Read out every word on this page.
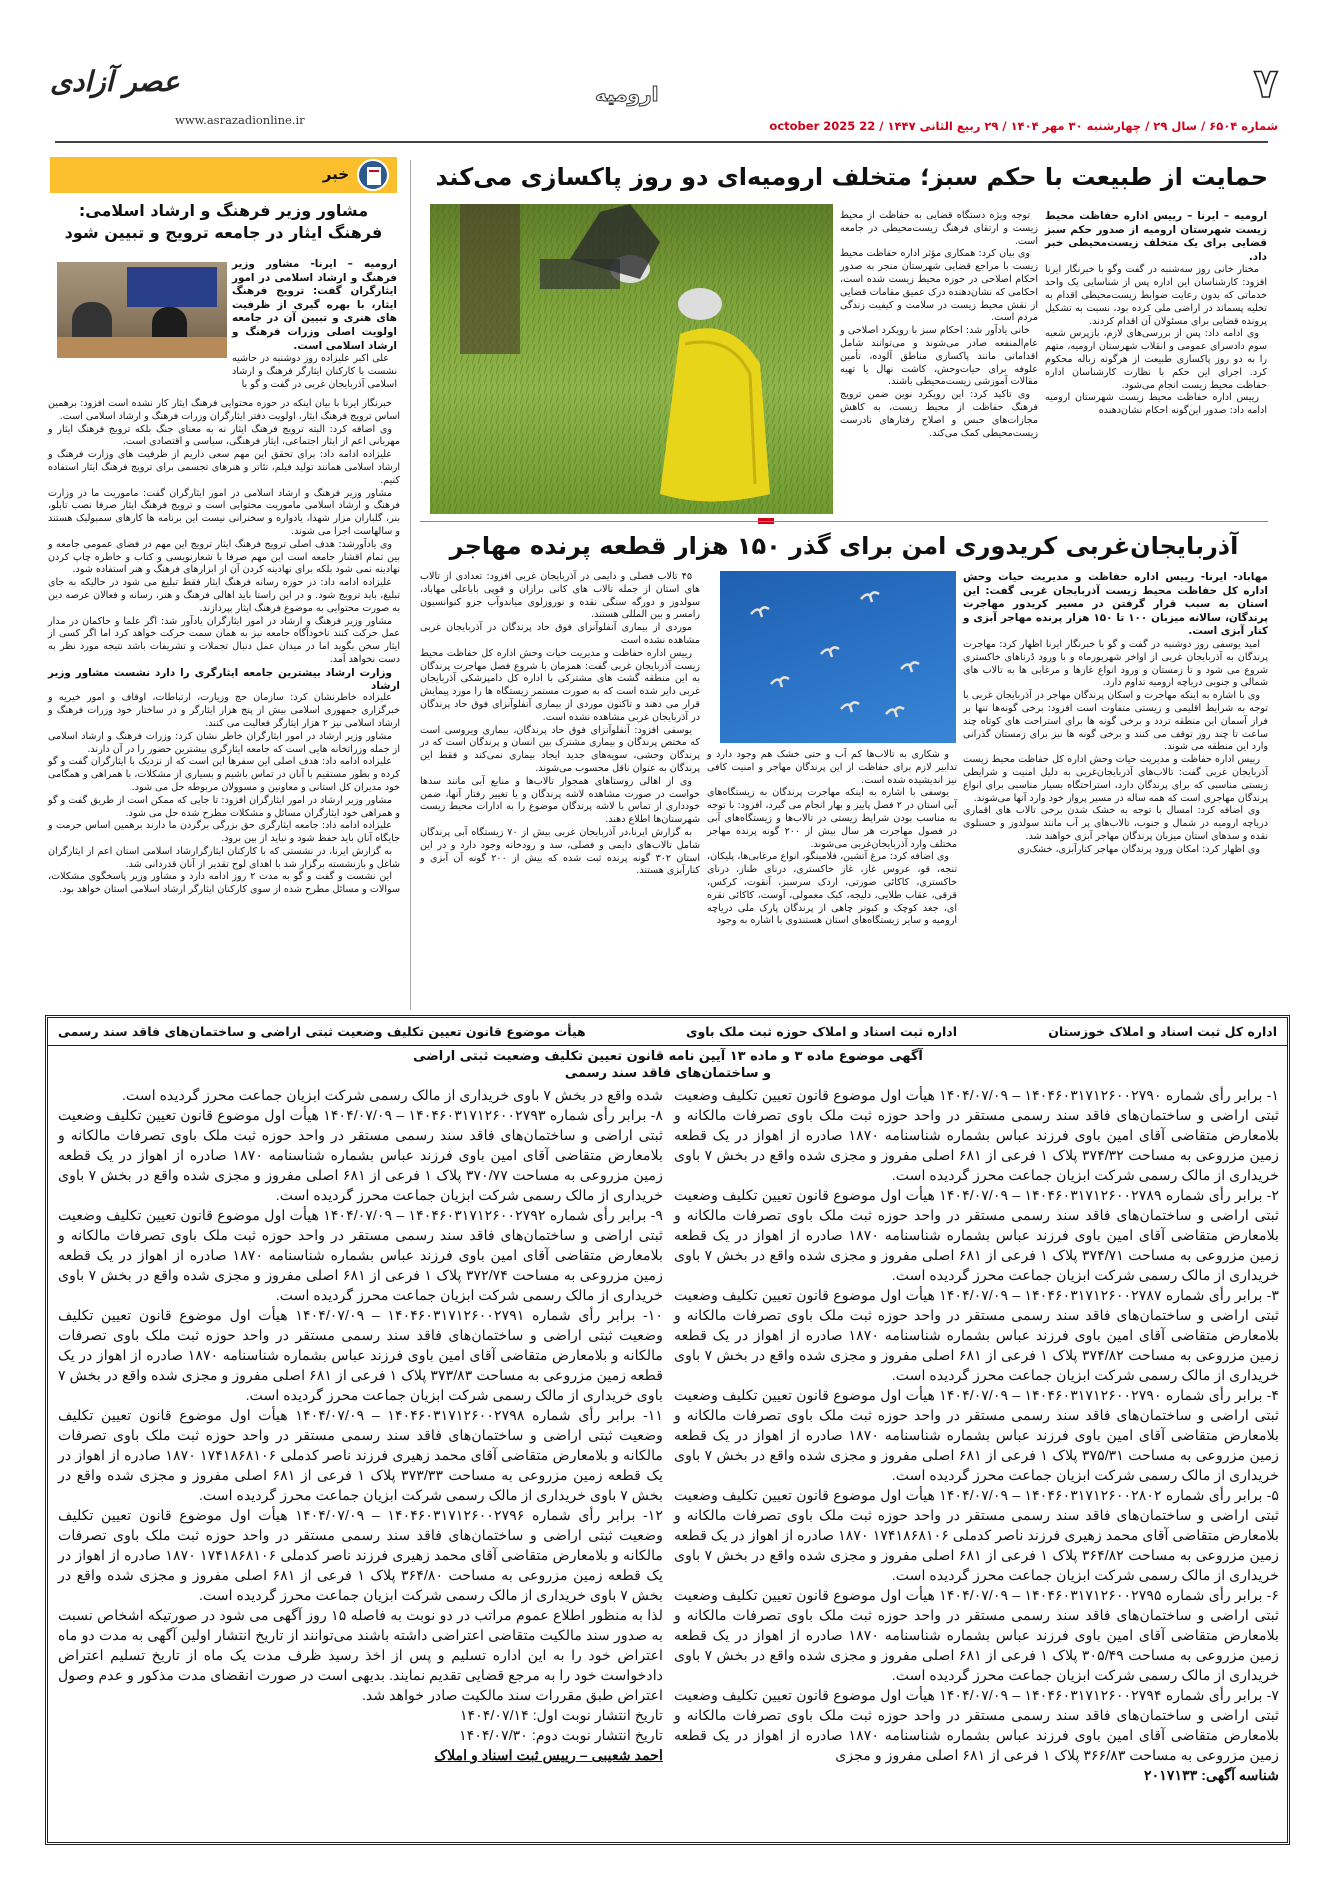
۷
شماره ۶۵۰۴ / سال ۲۹ / چهارشنبه ۳۰ مهر ۱۴۰۴ / ۲۹ ربیع الثانی ۱۴۴۷ / 22 october 2025
ارومیه
عصر آزادی
www.asrazadionline.ir
حمایت از طبیعت با حکم سبز؛ متخلف ارومیه‌ای دو روز پاکسازی می‌کند
ارومیه – ایرنا – رییس اداره حفاظت محیط زیست شهرستان ارومیه از صدور حکم سبز قضایی برای یک متخلف زیست‌محیطی خبر داد.

مختار خانی روز سه‌شنبه در گفت وگو با خبرنگار ایرنا افزود: کارشناسان این اداره پس از شناسایی یک واحد خدماتی که بدون رعایت ضوابط زیست‌محیطی اقدام به تخلیه پسماند در اراضی ملی کرده بود، نسبت به تشکیل پرونده قضایی برای مسئولان آن اقدام کردند.

وی ادامه داد: پس از بررسی‌های لازم، بازپرس شعبه سوم دادسرای عمومی و انقلاب شهرستان ارومیه، متهم را به دو روز پاکسازی طبیعت از هرگونه زباله محکوم کرد. اجرای این حکم با نظارت کارشناسان اداره حفاظت محیط زیست انجام می‌شود.

رییس اداره حفاظت محیط زیست شهرستان ارومیه ادامه داد: صدور این‌گونه احکام نشان‌دهنده

توجه ویژه دستگاه قضایی به حفاظت از محیط زیست و ارتقای فرهنگ زیست‌محیطی در جامعه است.

وی بیان کرد: همکاری مؤثر اداره حفاظت محیط زیست با مراجع قضایی شهرستان منجر به صدور احکام اصلاحی در حوزه محیط زیست شده است، احکامی که نشان‌دهنده درک عمیق مقامات قضایی از نقش محیط زیست در سلامت و کیفیت زندگی مردم است.

خانی یادآور شد: احکام سبز با رویکرد اصلاحی و عام‌المنفعه صادر می‌شوند و می‌توانند شامل اقداماتی مانند پاکسازی مناطق آلوده، تأمین علوفه برای حیات‌وحش، کاشت نهال یا تهیه مقالات آموزشی زیست‌محیطی باشند.

وی تاکید کرد: این رویکرد نوین ضمن ترویج فرهنگ حفاظت از محیط زیست، به کاهش مجازات‌های حبس و اصلاح رفتارهای نادرست زیست‌محیطی کمک می‌کند.

آذربایجان‌غربی کریدوری امن برای گذر ۱۵۰ هزار قطعه پرنده مهاجر
مهاباد- ایرنا- رییس اداره حفاظت و مدیریت حیات وحش اداره کل حفاظت محیط زیست آذربایجان غربی گفت: این استان به سبب قرار گرفتن در مسیر کریدور مهاجرت پرندگان، سالانه میزبان ۱۰۰ تا ۱۵۰ هزار پرنده مهاجر آبزی و کنار آبزی است.

امید یوسفی روز دوشنبه در گفت و گو با خبرنگار ایرنا اظهار کرد: مهاجرت پرندگان به آذربایجان غربی از اواخر شهریورماه و با ورود دُرناهای خاکستری شروع می شود و تا زمستان و ورود انواع غازها و مرغابی ها به تالاب های شمالی و جنوبی دریاچه ارومیه تداوم دارد.

وی با اشاره به اینکه مهاجرت و اسکان پرندگان مهاجر در آذربایجان غربی با توجه به شرایط اقلیمی و زیستی متفاوت است افزود: برخی گونه‌ها تنها بر فراز آسمان این منطقه تردد و برخی گونه ها برای استراحت های کوتاه چند ساعت تا چند روز توقف می کنند و برخی گونه ها نیز برای زمستان گذرانی وارد این منطقه می شوند.

رییس اداره حفاظت و مدیریت حیات وحش اداره کل حفاظت محیط زیست آذربایجان غربی گفت: تالاب‌های آذربایجان‌غربی به دلیل امنیت و شرایطی زیستی مناسبی که برای پرندگان دارد، استراحتگاه بسیار مناسبی برای انواع پرندگان مهاجری است که همه ساله در مسیر پرواز خود وارد آنها می‌شوند.

وی اضافه کرد: امسال با توجه به خشک شدن برخی تالاب های اقماری دریاچه ارومیه در شمال و جنوب، تالاب‌های پر آب مانند سولدوز و حسنلوی نقده و سدهای استان میزبان پرندگان مهاجر آبزی خواهند شد.

وی اظهار کرد: امکان ورود پرندگان مهاجر کنارآبزی، خشک‌زی

و شکاری به تالاب‌ها کم آب و حتی خشک هم وجود دارد و تدابیر لازم برای حفاظت از این پرندگان مهاجر و امنیت کافی نیز اندیشیده شده است.

یوسفی با اشاره به اینکه مهاجرت پرندگان به زیستگاه‌های آبی استان در ۲ فصل پاییز و بهار انجام می گیرد، افزود: با توجه به مناسب بودن شرایط زیستی در تالاب‌ها و زیستگاه‌های آبی در فصول مهاجرت هر سال بیش از ۲۰۰ گونه پرنده مهاجر مختلف وارد آذربایجان‌غربی می‌شوند.

وی اضافه کرد: مرغ آتشین، فلامینگو، انواع مرغابی‌ها، پلیکان، تنجه، قو، عروس غاز، غاز خاکستری، درنای طناز، درنای خاکستری، کاکائی صورتی، اردک سرسبز، آنقوت، کرکس، قرقی، عقاب طلایی، دلیجه، کبک معمولی، آوست، کاکائی نقره ای، جغد کوچک و کبوتر چاهی از پرندگان پارک ملی دریاچه ارومیه و سایر زیستگاه‌های استان هستندوی با اشاره به وجود

۴۵ تالاب فصلی و دایمی در آذربایجان غربی افزود: تعدادی از تالاب های استان از جمله تالاب های کانی برازان و قوپی باباعلی مهاباد، سولدوز و دورگه سنگی نقده و نوروزلوی میاندوآب جزو کنوانسیون رامسر و بین المللی هستند.

موردی از بیماری آنفلوآنزای فوق حاد پرندگان در آذربایجان غربی مشاهده نشده است

رییس اداره حفاظت و مدیریت حیات وحش اداره کل حفاظت محیط زیست آذربایجان غربی گفت: همزمان با شروع فصل مهاجرت پرندگان به این منطقه گشت های مشترکی با اداره کل دامپزشکی آذربایجان غربی دایر شده است که به صورت مستمر زیستگاه ها را مورد پیمایش قرار می دهند و تاکنون موردی از بیماری آنفلوآنزای فوق حاد پرندگان در آذربایجان غربی مشاهده نشده است.

یوسفی افزود: آنفلوآنزای فوق حاد پرندگان، بیماری ویروسی است که مختص پرندگان و بیماری مشترک بین انسان و پرندگان است که در پرندگان وحشی، سویه‌های جدید ایجاد بیماری نمی‌کند و فقط این پرندگان به عنوان ناقل محسوب می‌شوند.

وی از اهالی روستاهای همجوار تالاب‌ها و منابع آبی مانند سدها خواست در صورت مشاهده لاشه پرندگان و یا تغییر رفتار آنها، ضمن خودداری از تماس با لاشه پرندگان موضوع را به ادارات محیط زیست شهرستان‌ها اطلاع دهند.

به گزارش ایرنا،در آذربایجان غربی بیش از ۷۰ زیستگاه آبی پرندگان شامل تالاب‌های دایمی و فصلی، سد و رودخانه وجود دارد و در این استان ۳۰۲ گونه پرنده ثبت شده که بیش از ۲۰۰ گونه آن آبزی و کنارآبزی هستند.

خبر
مشاور وزیر فرهنگ و ارشاد اسلامی: فرهنگ ایثار در جامعه ترویج و تبیین شود
ارومیه – ایرنا- مشاور وزیر فرهنگ و ارشاد اسلامی در امور ایثارگران گفت: ترویج فرهنگ ایثار، با بهره گیری از ظرفیت های هنری و تبیین آن در جامعه اولویت اصلی وزرات فرهنگ و ارشاد اسلامی است.

علی اکبر علیزاده روز دوشنبه در حاشیه نشست با کارکنان ایثارگر فرهنگ و ارشاد اسلامی آذربایجان غربی در گفت و گو با

خبرنگار ایرنا با بیان اینکه در حوزه محتوایی فرهنگ ایثار کار نشده است افزود: برهمین اساس ترویج فرهنگ ایثار، اولویت دفتر ایثارگران وزرات فرهنگ و ارشاد اسلامی است.

وی اضافه کرد: البته ترویج فرهنگ ایثار نه به معنای جنگ بلکه ترویج فرهنگ ایثار و مهربانی اعم از ایثار اجتماعی، ایثار فرهنگی، سیاسی و اقتصادی است.

علیزاده ادامه داد: برای تحقق این مهم سعی داریم از ظرفیت های وزارت فرهنگ و ارشاد اسلامی همانند تولید فیلم، تئاتر و هنرهای تجسمی برای ترویج فرهنگ ایثار استفاده کنیم.

مشاور وزیر فرهنگ و ارشاد اسلامی در امور ایثارگران گفت: ماموریت ما در وزارت فرهنگ و ارشاد اسلامی ماموریت محتوایی است و ترویج فرهنگ ایثار صرفا نصب تابلو، بنر، گلباران مزار شهدا، یادواره و سخنرانی نیست این برنامه ها کارهای سمبولیک هستند و سالهاست اجرا می شوند.

وی یادآورشد: هدف اصلی ترویج فرهنگ ایثار ترویج این مهم در فضای عمومی جامعه و بین تمام اقشار جامعه است این مهم صرفا با شعارنویسی و کتاب و خاطره چاپ کردن نهادینه نمی شود بلکه برای نهادینه کردن آن از ابزارهای فرهنگ و هنر استفاده شود.

علیزاده ادامه داد: در حوزه رسانه فرهنگ ایثار فقط تبلیغ می شود در حالیکه به جای تبلیغ، باید ترویج شود. و در این راستا باید اهالی فرهنگ و هنر، رسانه و فعالان عرصه دین به صورت محتوایی به موضوع فرهنگ ایثار بپردازند.

مشاور وزیر فرهنگ و ارشاد در امور ایثارگران یادآور شد: اگر علما و حاکمان در مدار عمل حرکت کنند ناخودآگاه جامعه نیز به همان سمت حرکت خواهد کرد اما اگر کسی از ایثار سخن بگوید اما در میدان عمل دنبال تجملات و تشریفات باشد نتیجه مورد نظر به دست نخواهد آمد.

وزارت ارشاد بیشترین جامعه ایثارگری را دارد نشست مشاور وزیر ارشاد

علیزاده خاطرنشان کرد: سازمان حج وزیارت، ارتباطات، اوقاف و امور خیریه و خبرگزاری جمهوری اسلامی بیش از پنج هزار ایثارگر و در ساختار خود وزرات فرهنگ و ارشاد اسلامی نیز ۲ هزار ایثارگر فعالیت می کنند.

مشاور وزیر ارشاد در امور ایثارگران خاطر نشان کرد: وزرات فرهنگ و ارشاد اسلامی از جمله وزراتخانه هایی است که جامعه ایثارگری بیشترین حضور را در آن دارند.

علیزاده ادامه داد: هدف اصلی این سفرها این است که از نزدیک با ایثارگران گفت و گو کرده و بطور مستقیم با آنان در تماس باشیم و بسیاری از مشکلات، با همراهی و همگامی خود مدیران کل استانی و معاونین و مسوولان مربوطه حل می شود.

مشاور وزیر ارشاد در امور ایثارگران افزود: تا جایی که ممکن است از طریق گفت و گو و همراهی خود ایثارگران مسائل و مشکلات مطرح شده حل می شود.

علیزاده ادامه داد: جامعه ایثارگری حق بزرگی برگردن ما دارند برهمین اساس حرمت و جایگاه آنان باید حفظ شود و نباید از بین برود.

به گزارش ایرنا، در نشستی که با کارکنان ایثارگرارشاد اسلامی استان اعم از ایثارگران شاغل و بازنشسته برگزار شد با اهدای لوح تقدیر از آنان قدردانی شد.

این نشست و گفت و گو به مدت ۲ روز ادامه دارد و مشاور وزیر پاسخگوی مشکلات، سوالات و مسائل مطرح شده از سوی کارکنان ایثارگر ارشاد اسلامی استان خواهد بود.

اداره کل ثبت اسناد و املاک خوزستان
اداره ثبت اسناد و املاک حوزه ثبت ملک باوی
هیأت موضوع قانون تعیین تکلیف وضعیت ثبتی اراضی و ساختمان‌های فاقد سند رسمی
آگهی موضوع ماده ۳ و ماده ۱۳ آیین نامه قانون تعیین تکلیف وضعیت ثبتی اراضی و ساختمان‌های فاقد سند رسمی

۱- برابر رأی شماره ۱۴۰۴۶۰۳۱۷۱۲۶۰۰۲۷۹۰ – ۱۴۰۴/۰۷/۰۹ هیأت اول موضوع قانون تعیین تکلیف وضعیت ثبتی اراضی و ساختمان‌های فاقد سند رسمی مستقر در واحد حوزه ثبت ملک باوی تصرفات مالکانه و بلامعارض متقاضی آقای امین باوی فرزند عباس بشماره شناسنامه ۱۸۷۰ صادره از اهواز در یک قطعه زمین مزروعی به مساحت ۳۷۴/۳۲ پلاک ۱ فرعی از ۶۸۱ اصلی مفروز و مجزی شده واقع در بخش ۷ باوی خریداری از مالک رسمی شرکت ابزیان جماعت محرز گردیده است.

۲- برابر رأی شماره ۱۴۰۴۶۰۳۱۷۱۲۶۰۰۲۷۸۹ – ۱۴۰۴/۰۷/۰۹ هیأت اول موضوع قانون تعیین تکلیف وضعیت ثبتی اراضی و ساختمان‌های فاقد سند رسمی مستقر در واحد حوزه ثبت ملک باوی تصرفات مالکانه و بلامعارض متقاضی آقای امین باوی فرزند عباس بشماره شناسنامه ۱۸۷۰ صادره از اهواز در یک قطعه زمین مزروعی به مساحت ۳۷۴/۷۱ پلاک ۱ فرعی از ۶۸۱ اصلی مفروز و مجزی شده واقع در بخش ۷ باوی خریداری از مالک رسمی شرکت ابزیان جماعت محرز گردیده است.

۳- برابر رأی شماره ۱۴۰۴۶۰۳۱۷۱۲۶۰۰۲۷۸۷ – ۱۴۰۴/۰۷/۰۹ هیأت اول موضوع قانون تعیین تکلیف وضعیت ثبتی اراضی و ساختمان‌های فاقد سند رسمی مستقر در واحد حوزه ثبت ملک باوی تصرفات مالکانه و بلامعارض متقاضی آقای امین باوی فرزند عباس بشماره شناسنامه ۱۸۷۰ صادره از اهواز در یک قطعه زمین مزروعی به مساحت ۳۷۴/۸۲ پلاک ۱ فرعی از ۶۸۱ اصلی مفروز و مجزی شده واقع در بخش ۷ باوی خریداری از مالک رسمی شرکت ابزیان جماعت محرز گردیده است.

۴- برابر رأی شماره ۱۴۰۴۶۰۳۱۷۱۲۶۰۰۲۷۹۰ – ۱۴۰۴/۰۷/۰۹ هیأت اول موضوع قانون تعیین تکلیف وضعیت ثبتی اراضی و ساختمان‌های فاقد سند رسمی مستقر در واحد حوزه ثبت ملک باوی تصرفات مالکانه و بلامعارض متقاضی آقای امین باوی فرزند عباس بشماره شناسنامه ۱۸۷۰ صادره از اهواز در یک قطعه زمین مزروعی به مساحت ۳۷۵/۳۱ پلاک ۱ فرعی از ۶۸۱ اصلی مفروز و مجزی شده واقع در بخش ۷ باوی خریداری از مالک رسمی شرکت ابزیان جماعت محرز گردیده است.

۵- برابر رأی شماره ۱۴۰۴۶۰۳۱۷۱۲۶۰۰۲۸۰۲ – ۱۴۰۴/۰۷/۰۹ هیأت اول موضوع قانون تعیین تکلیف وضعیت ثبتی اراضی و ساختمان‌های فاقد سند رسمی مستقر در واحد حوزه ثبت ملک باوی تصرفات مالکانه و بلامعارض متقاضی آقای محمد زهیری فرزند ناصر کدملی ۱۷۴۱۸۶۸۱۰۶ ۱۸۷۰ صادره از اهواز در یک قطعه زمین مزروعی به مساحت ۳۶۴/۸۲ پلاک ۱ فرعی از ۶۸۱ اصلی مفروز و مجزی شده واقع در بخش ۷ باوی خریداری از مالک رسمی شرکت ابزیان جماعت محرز گردیده است.

۶- برابر رأی شماره ۱۴۰۴۶۰۳۱۷۱۲۶۰۰۲۷۹۵ – ۱۴۰۴/۰۷/۰۹ هیأت اول موضوع قانون تعیین تکلیف وضعیت ثبتی اراضی و ساختمان‌های فاقد سند رسمی مستقر در واحد حوزه ثبت ملک باوی تصرفات مالکانه و بلامعارض متقاضی آقای امین باوی فرزند عباس بشماره شناسنامه ۱۸۷۰ صادره از اهواز در یک قطعه زمین مزروعی به مساحت ۳۰۵/۴۹ پلاک ۱ فرعی از ۶۸۱ اصلی مفروز و مجزی شده واقع در بخش ۷ باوی خریداری از مالک رسمی شرکت ابزیان جماعت محرز گردیده است.

۷- برابر رأی شماره ۱۴۰۴۶۰۳۱۷۱۲۶۰۰۲۷۹۴ – ۱۴۰۴/۰۷/۰۹ هیأت اول موضوع قانون تعیین تکلیف وضعیت ثبتی اراضی و ساختمان‌های فاقد سند رسمی مستقر در واحد حوزه ثبت ملک باوی تصرفات مالکانه و بلامعارض متقاضی آقای امین باوی فرزند عباس بشماره شناسنامه ۱۸۷۰ صادره از اهواز در یک قطعه زمین مزروعی به مساحت ۳۶۶/۸۳ پلاک ۱ فرعی از ۶۸۱ اصلی مفروز و مجزی

شناسه آگهی: ۲۰۱۷۱۳۳

شده واقع در بخش ۷ باوی خریداری از مالک رسمی شرکت ابزیان جماعت محرز گردیده است.

۸- برابر رأی شماره ۱۴۰۴۶۰۳۱۷۱۲۶۰۰۲۷۹۳ – ۱۴۰۴/۰۷/۰۹ هیأت اول موضوع قانون تعیین تکلیف وضعیت ثبتی اراضی و ساختمان‌های فاقد سند رسمی مستقر در واحد حوزه ثبت ملک باوی تصرفات مالکانه و بلامعارض متقاضی آقای امین باوی فرزند عباس بشماره شناسنامه ۱۸۷۰ صادره از اهواز در یک قطعه زمین مزروعی به مساحت ۳۷۰/۷۷ پلاک ۱ فرعی از ۶۸۱ اصلی مفروز و مجزی شده واقع در بخش ۷ باوی خریداری از مالک رسمی شرکت ابزیان جماعت محرز گردیده است.

۹- برابر رأی شماره ۱۴۰۴۶۰۳۱۷۱۲۶۰۰۲۷۹۲ – ۱۴۰۴/۰۷/۰۹ هیأت اول موضوع قانون تعیین تکلیف وضعیت ثبتی اراضی و ساختمان‌های فاقد سند رسمی مستقر در واحد حوزه ثبت ملک باوی تصرفات مالکانه و بلامعارض متقاضی آقای امین باوی فرزند عباس بشماره شناسنامه ۱۸۷۰ صادره از اهواز در یک قطعه زمین مزروعی به مساحت ۳۷۲/۷۴ پلاک ۱ فرعی از ۶۸۱ اصلی مفروز و مجزی شده واقع در بخش ۷ باوی خریداری از مالک رسمی شرکت ابزیان جماعت محرز گردیده است.

۱۰- برابر رأی شماره ۱۴۰۴۶۰۳۱۷۱۲۶۰۰۲۷۹۱ – ۱۴۰۴/۰۷/۰۹ هیأت اول موضوع قانون تعیین تکلیف وضعیت ثبتی اراضی و ساختمان‌های فاقد سند رسمی مستقر در واحد حوزه ثبت ملک باوی تصرفات مالکانه و بلامعارض متقاضی آقای امین باوی فرزند عباس بشماره شناسنامه ۱۸۷۰ صادره از اهواز در یک قطعه زمین مزروعی به مساحت ۳۷۳/۸۳ پلاک ۱ فرعی از ۶۸۱ اصلی مفروز و مجزی شده واقع در بخش ۷ باوی خریداری از مالک رسمی شرکت ابزیان جماعت محرز گردیده است.

۱۱- برابر رأی شماره ۱۴۰۴۶۰۳۱۷۱۲۶۰۰۲۷۹۸ – ۱۴۰۴/۰۷/۰۹ هیأت اول موضوع قانون تعیین تکلیف وضعیت ثبتی اراضی و ساختمان‌های فاقد سند رسمی مستقر در واحد حوزه ثبت ملک باوی تصرفات مالکانه و بلامعارض متقاضی آقای محمد زهیری فرزند ناصر کدملی ۱۷۴۱۸۶۸۱۰۶ ۱۸۷۰ صادره از اهواز در یک قطعه زمین مزروعی به مساحت ۳۷۳/۳۳ پلاک ۱ فرعی از ۶۸۱ اصلی مفروز و مجزی شده واقع در بخش ۷ باوی خریداری از مالک رسمی شرکت ابزیان جماعت محرز گردیده است.

۱۲- برابر رأی شماره ۱۴۰۴۶۰۳۱۷۱۲۶۰۰۲۷۹۶ – ۱۴۰۴/۰۷/۰۹ هیأت اول موضوع قانون تعیین تکلیف وضعیت ثبتی اراضی و ساختمان‌های فاقد سند رسمی مستقر در واحد حوزه ثبت ملک باوی تصرفات مالکانه و بلامعارض متقاضی آقای محمد زهیری فرزند ناصر کدملی ۱۷۴۱۸۶۸۱۰۶ ۱۸۷۰ صادره از اهواز در یک قطعه زمین مزروعی به مساحت ۳۶۴/۸۰ پلاک ۱ فرعی از ۶۸۱ اصلی مفروز و مجزی شده واقع در بخش ۷ باوی خریداری از مالک رسمی شرکت ابزیان جماعت محرز گردیده است.

لذا به منظور اطلاع عموم مراتب در دو نوبت به فاصله ۱۵ روز آگهی می شود در صورتیکه اشخاص نسبت به صدور سند مالکیت متقاضی اعتراضی داشته باشند می‌توانند از تاریخ انتشار اولین آگهی به مدت دو ماه اعتراض خود را به این اداره تسلیم و پس از اخذ رسید ظرف مدت یک ماه از تاریخ تسلیم اعتراض دادخواست خود را به مرجع قضایی تقدیم نمایند. بدیهی است در صورت انقضای مدت مذکور و عدم وصول اعتراض طبق مقررات سند مالکیت صادر خواهد شد.

تاریخ انتشار نوبت اول: ۱۴۰۴/۰۷/۱۴

تاریخ انتشار نوبت دوم: ۱۴۰۴/۰۷/۳۰

احمد شعیبی – رییس ثبت اسناد و املاک
